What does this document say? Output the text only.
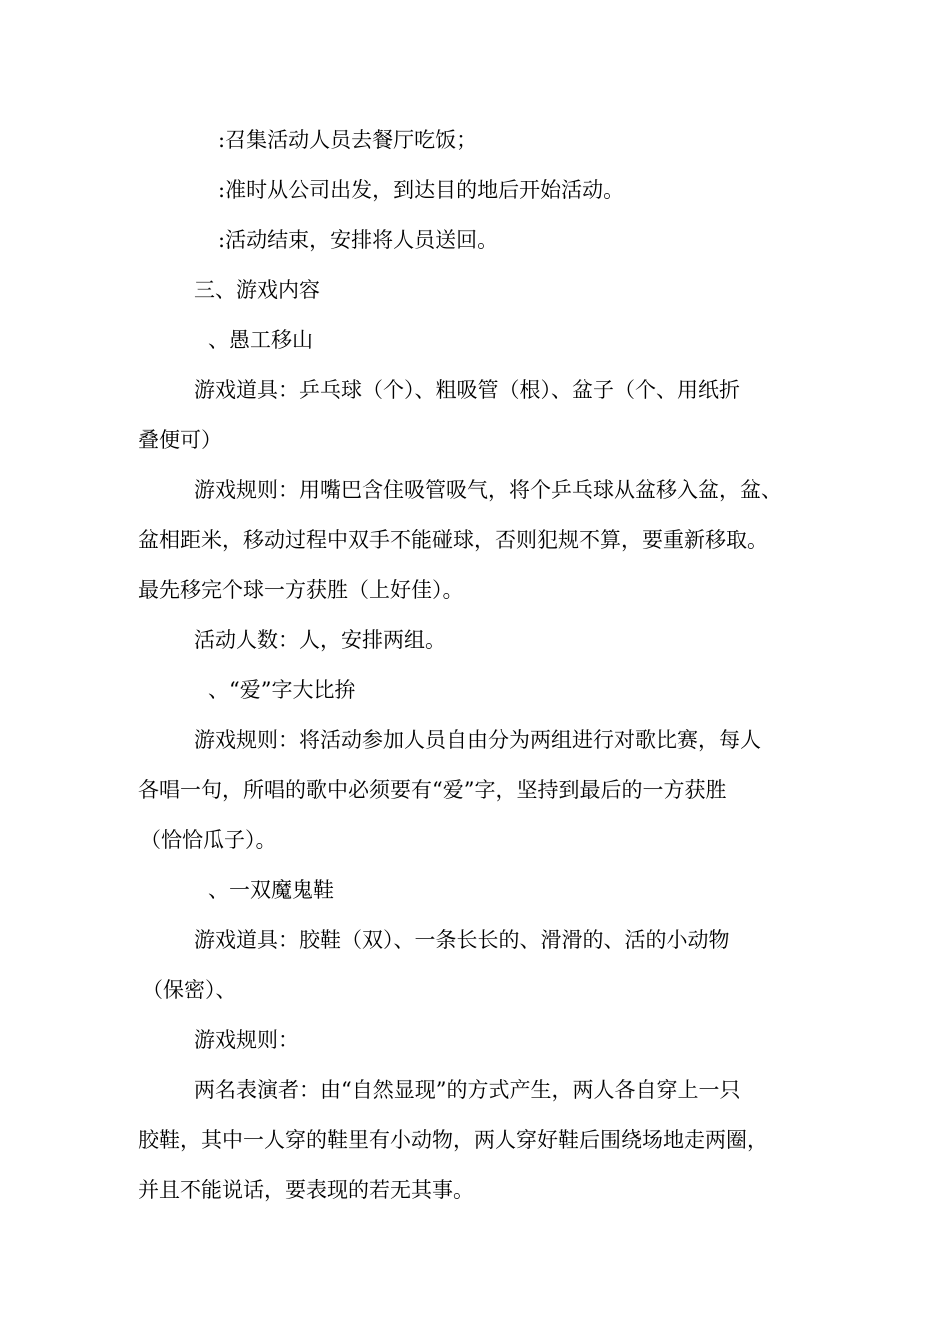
:召集活动人员去餐厅吃饭；
:准时从公司出发，到达目的地后开始活动。
:活动结束，安排将人员送回。
三、游戏内容
、愚工移山
游戏道具：乒乓球（个）、粗吸管（根）、盆子（个、用纸折
叠便可）
游戏规则：用嘴巴含住吸管吸气，将个乒乓球从盆移入盆，盆、
盆相距米，移动过程中双手不能碰球，否则犯规不算，要重新移取。
最先移完个球一方获胜（上好佳）。
活动人数：人，安排两组。
、“爱”字大比拚
游戏规则：将活动参加人员自由分为两组进行对歌比赛，每人
各唱一句，所唱的歌中必须要有“爱”字，坚持到最后的一方获胜
（恰恰瓜子）。
、一双魔鬼鞋
游戏道具：胶鞋（双）、一条长长的、滑滑的、活的小动物
（保密）、
游戏规则：
两名表演者：由“自然显现”的方式产生，两人各自穿上一只
胶鞋，其中一人穿的鞋里有小动物，两人穿好鞋后围绕场地走两圈，
并且不能说话，要表现的若无其事。
